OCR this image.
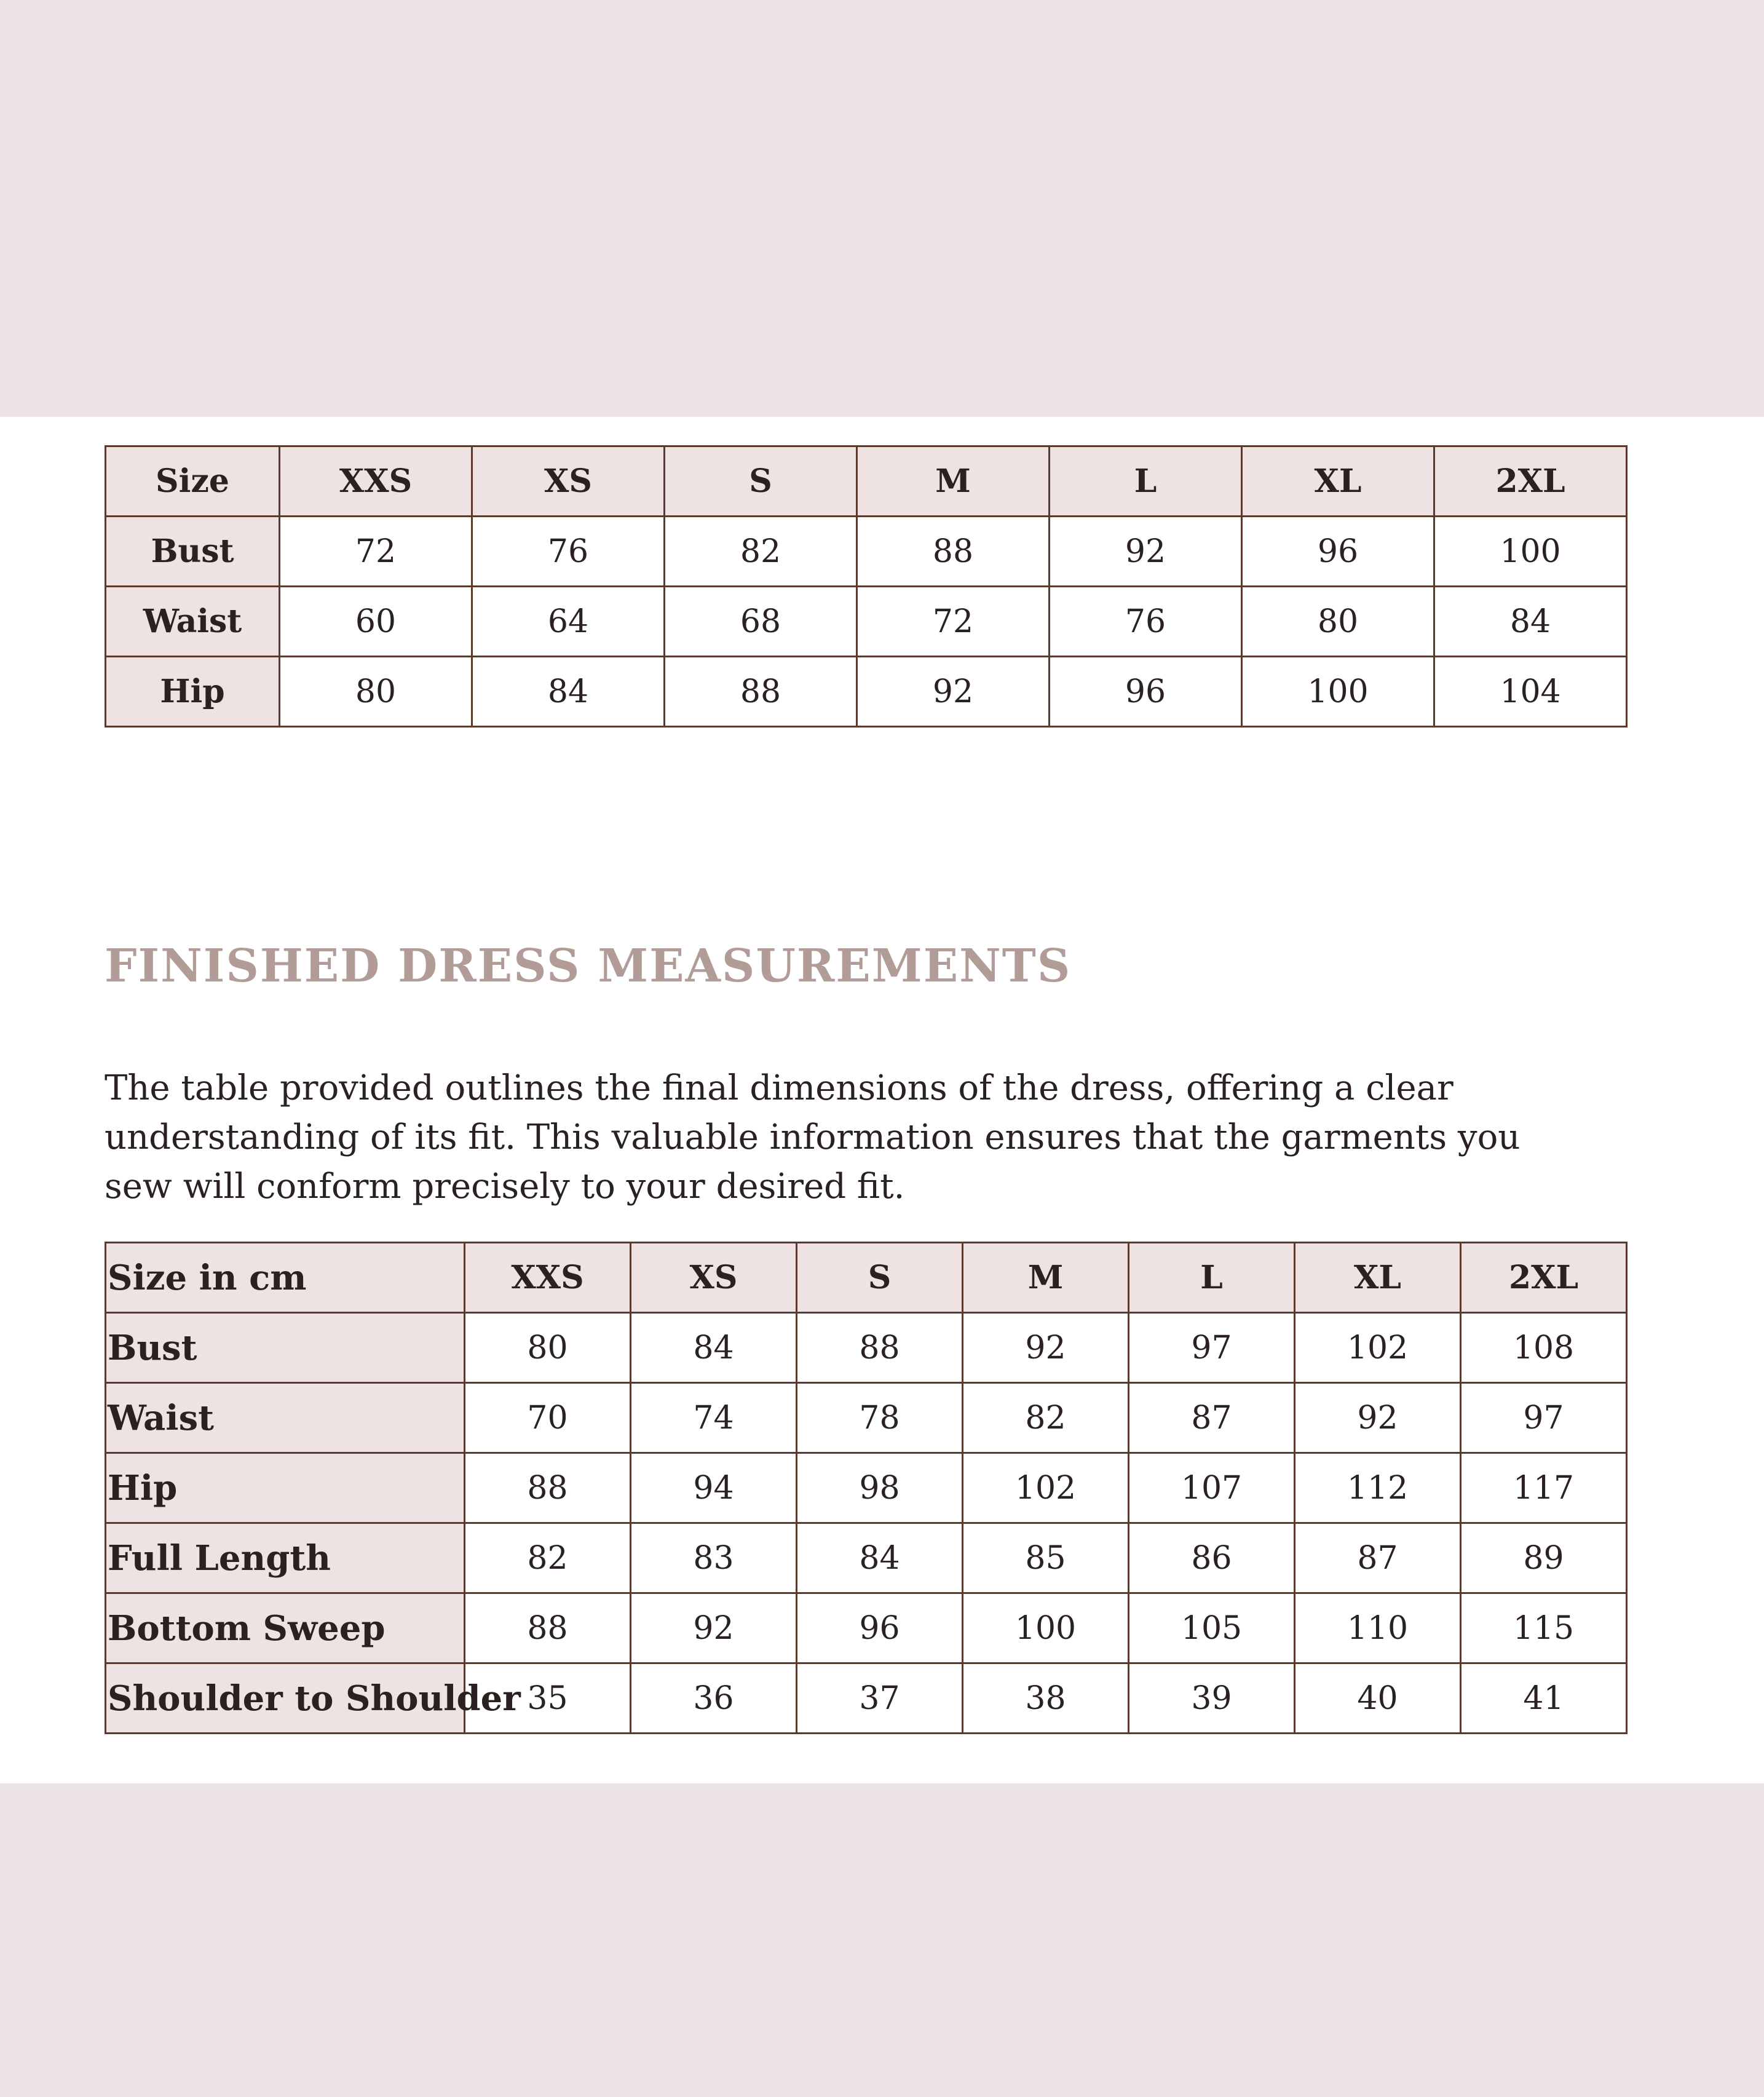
Size	XXS	XS	S	M	L	XL	2XL
Bust	72	76	82	88	92	96	100
Waist	60	64	68	72	76	80	84
Hip	80	84	88	92	96	100	104
FINISHED DRESS MEASUREMENTS

The table provided outlines the final dimensions of the dress, offering a clear understanding of its fit. This valuable information ensures that the garments you sew will conform precisely to your desired fit.

Size in cm	XXS	XS	S	M	L	XL	2XL
Bust	80	84	88	92	97	102	108
Waist	70	74	78	82	87	92	97
Hip	88	94	98	102	107	112	117
Full Length	82	83	84	85	86	87	89
Bottom Sweep	88	92	96	100	105	110	115
Shoulder to Shoulder	35	36	37	38	39	40	41
